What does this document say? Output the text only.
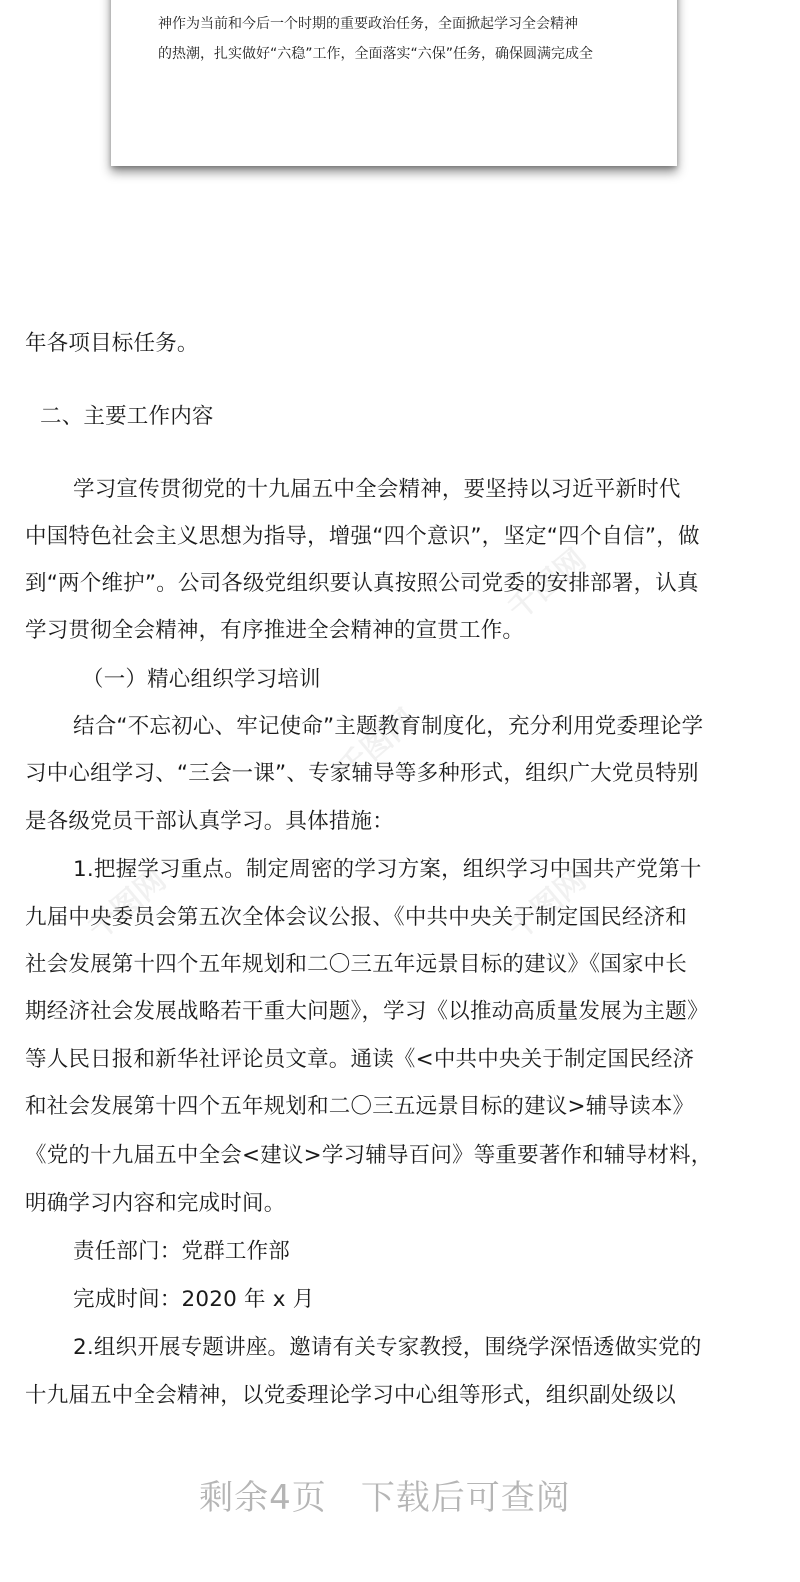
神作为当前和今后一个时期的重要政治任务，全面掀起学习全会精神
的热潮，扎实做好“六稳”工作，全面落实“六保”任务，确保圆满完成全
千图网
千图网
千图网
千图网
年各项目标任务。
二、主要工作内容
学习宣传贯彻党的十九届五中全会精神，要坚持以习近平新时代
中国特色社会主义思想为指导，增强“四个意识”，坚定“四个自信”，做
到“两个维护”。公司各级党组织要认真按照公司党委的安排部署，认真
学习贯彻全会精神，有序推进全会精神的宣贯工作。
（一）精心组织学习培训
结合“不忘初心、牢记使命”主题教育制度化，充分利用党委理论学
习中心组学习、“三会一课”、专家辅导等多种形式，组织广大党员特别
是各级党员干部认真学习。具体措施：
1.把握学习重点。制定周密的学习方案，组织学习中国共产党第十
九届中央委员会第五次全体会议公报、《中共中央关于制定国民经济和
社会发展第十四个五年规划和二〇三五年远景目标的建议》《国家中长
期经济社会发展战略若干重大问题》，学习《以推动高质量发展为主题》
等人民日报和新华社评论员文章。通读《<中共中央关于制定国民经济
和社会发展第十四个五年规划和二〇三五远景目标的建议>辅导读本》
《党的十九届五中全会<建议>学习辅导百问》等重要著作和辅导材料，
明确学习内容和完成时间。
责任部门：党群工作部
完成时间：2020 年 x 月
2.组织开展专题讲座。邀请有关专家教授，围绕学深悟透做实党的
十九届五中全会精神，以党委理论学习中心组等形式，组织副处级以
剩余4页 下载后可查阅
